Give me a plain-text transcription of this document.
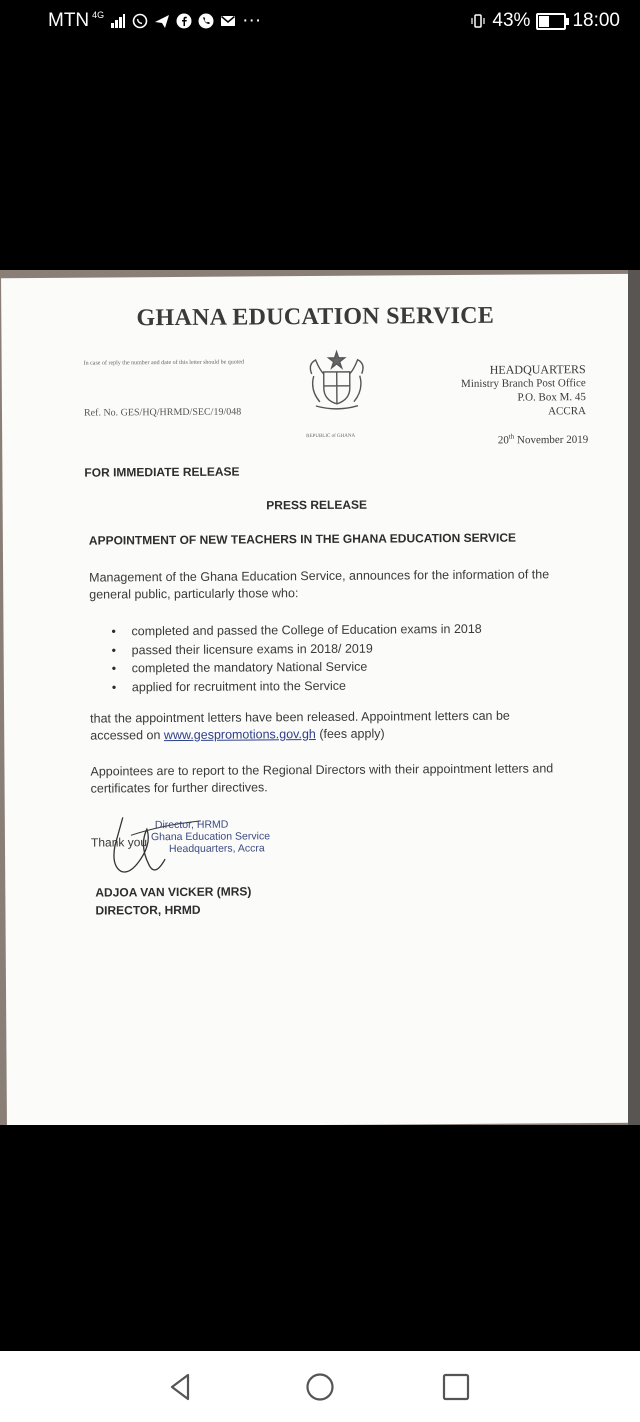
MTN 4G	···	43% 18:00
GHANA EDUCATION SERVICE
In case of reply the number and date of this letter should be quoted
Ref. No. GES/HQ/HRMD/SEC/19/048
REPUBLIC of GHANA
HEADQUARTERS
Ministry Branch Post Office
P.O. Box M. 45
ACCRA
20th November 2019
FOR IMMEDIATE RELEASE
PRESS RELEASE
APPOINTMENT OF NEW TEACHERS IN THE GHANA EDUCATION SERVICE
Management of the Ghana Education Service, announces for the information of the general public, particularly those who:
• completed and passed the College of Education exams in 2018
• passed their licensure exams in 2018/ 2019
• completed the mandatory National Service
• applied for recruitment into the Service
that the appointment letters have been released. Appointment letters can be accessed on www.gespromotions.gov.gh (fees apply)
Appointees are to report to the Regional Directors with their appointment letters and certificates for further directives.
Thank you
Director, HRMD
Ghana Education Service
Headquarters, Accra
ADJOA VAN VICKER (MRS)
DIRECTOR, HRMD
